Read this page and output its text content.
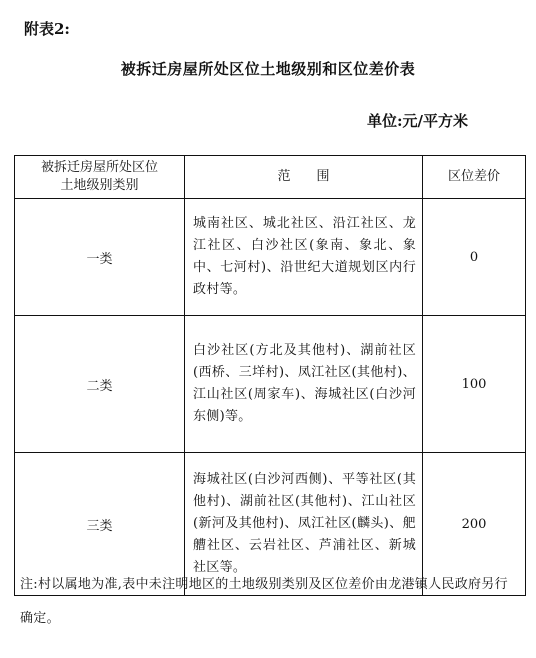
附表2:
被拆迁房屋所处区位土地级别和区位差价表
单位:元/平方米
被拆迁房屋所处区位
土地级别类别	范　　围	区位差价
一类	城南社区、城北社区、沿江社区、龙江社区、白沙社区(象南、象北、象中、七河村)、沿世纪大道规划区内行政村等。	0
二类	白沙社区(方北及其他村)、湖前社区(西桥、三垟村)、凤江社区(其他村)、江山社区(周家车)、海城社区(白沙河东侧)等。	100
三类	海城社区(白沙河西侧)、平等社区(其他村)、湖前社区(其他村)、江山社区(新河及其他村)、凤江社区(麟头)、舥艚社区、云岩社区、芦浦社区、新城社区等。	200
注:村以属地为准,表中未注明地区的土地级别类别及区位差价由龙港镇人民政府另行确定。
